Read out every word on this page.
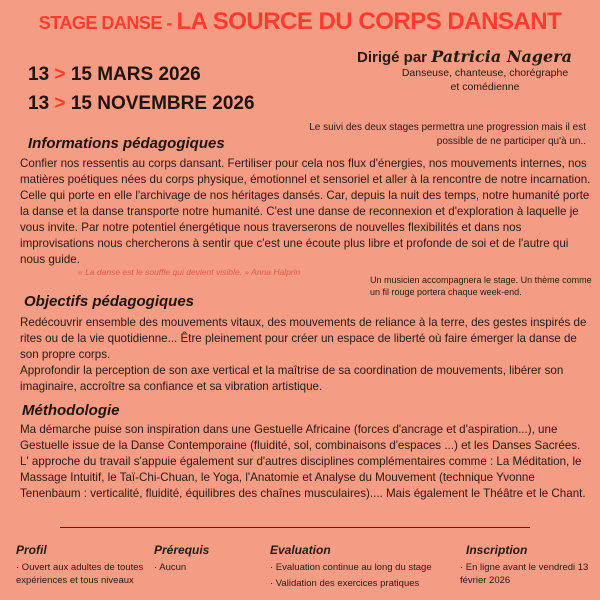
STAGE DANSE - LA SOURCE DU CORPS DANSANT
13 > 15 MARS 2026
13 > 15 NOVEMBRE 2026
Dirigé par Patricia Nagera
Danseuse, chanteuse, chorégraphe et comédienne
Le suivi des deux stages permettra une progression mais il est possible de ne participer qu'à un..
Informations pédagogiques
Confier nos ressentis au corps dansant. Fertiliser pour cela nos flux d'énergies, nos mouvements internes, nos matières poétiques nées du corps physique, émotionnel et sensoriel et aller à la rencontre de notre incarnation. Celle qui porte en elle l'archivage de nos héritages dansés. Car, depuis la nuit des temps, notre humanité porte la danse et la danse transporte notre humanité. C'est une danse de reconnexion et d'exploration à laquelle je vous invite. Par notre potentiel énergétique nous traverserons de nouvelles flexibilités et dans nos improvisations nous chercherons à sentir que c'est une écoute plus libre et profonde de soi et de l'autre qui nous guide.
« La danse est le souffle qui devient visible. » Anna Halprin
Un musicien accompagnera le stage. Un thème comme un fil rouge portera chaque week-end.
Objectifs pédagogiques
Redécouvrir ensemble des mouvements vitaux, des mouvements de reliance à la terre, des gestes inspirés de rites ou de la vie quotidienne... Être pleinement pour créer un espace de liberté où faire émerger la danse de son propre corps.
Approfondir la perception de son axe vertical et la maîtrise de sa coordination de mouvements, libérer son imaginaire, accroître sa confiance et sa vibration artistique.
Méthodologie
Ma démarche puise son inspiration dans une Gestuelle Africaine (forces d'ancrage et d'aspiration...), une Gestuelle issue de la Danse Contemporaine (fluidité, sol, combinaisons d'espaces ...) et les Danses Sacrées. L' approche du travail s'appuie également sur d'autres disciplines complémentaires comme : La Méditation, le Massage Intuitif, le Taï-Chi-Chuan, le Yoga, l'Anatomie et Analyse du Mouvement (technique Yvonne Tenenbaum : verticalité, fluidité, équilibres des chaînes musculaires).... Mais également le Théâtre et le Chant.
Profil
· Ouvert aux adultes de toutes expériences et tous niveaux
Prérequis
· Aucun
Evaluation
· Evaluation continue au long du stage
· Validation des exercices pratiques
Inscription
· En ligne avant le vendredi 13 février 2026
